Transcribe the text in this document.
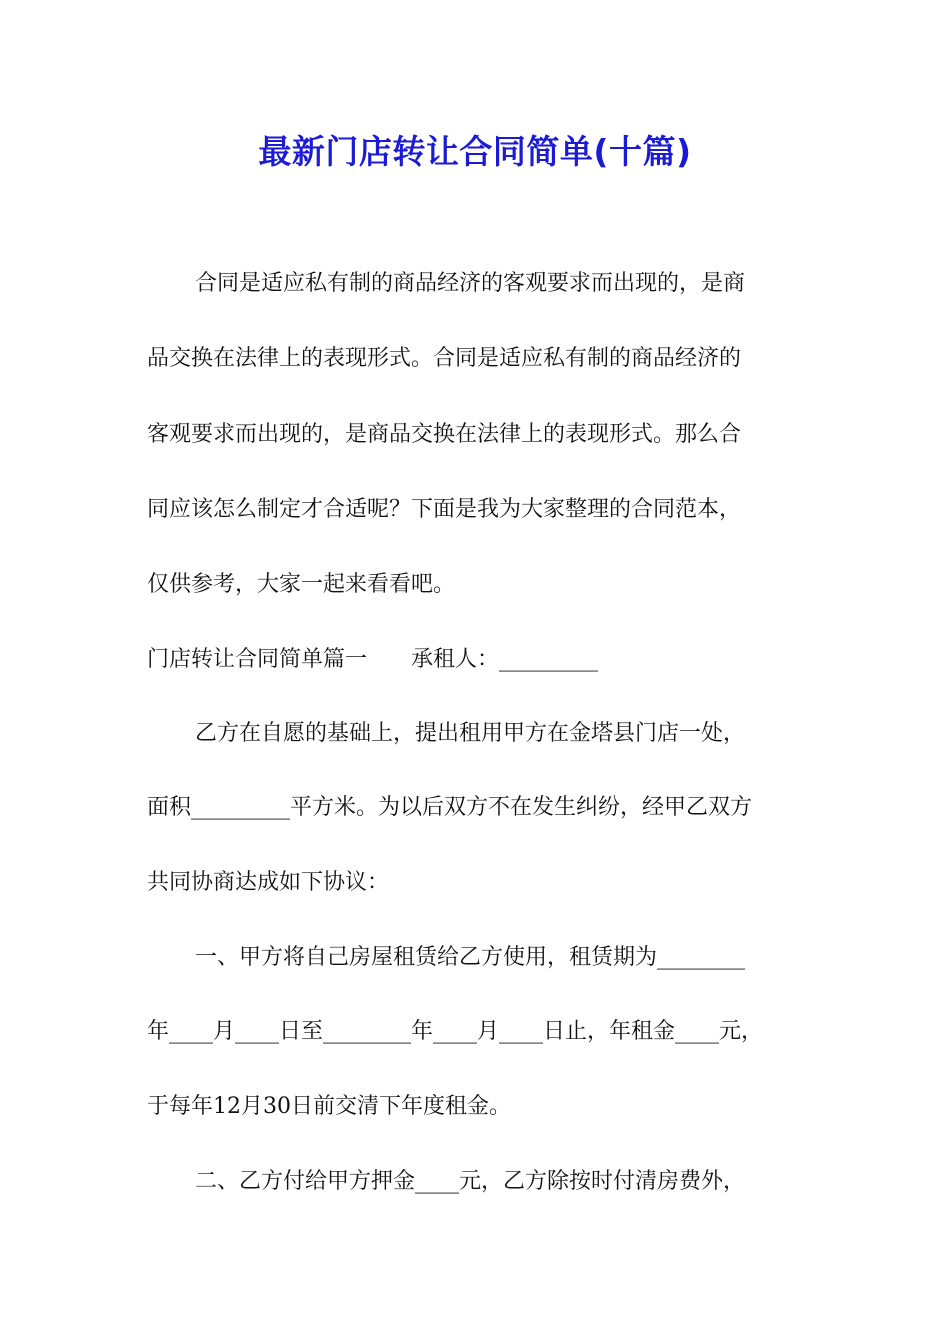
最新门店转让合同简单(十篇)
合同是适应私有制的商品经济的客观要求而出现的，是商
品交换在法律上的表现形式。合同是适应私有制的商品经济的
客观要求而出现的，是商品交换在法律上的表现形式。那么合
同应该怎么制定才合适呢？下面是我为大家整理的合同范本，
仅供参考，大家一起来看看吧。
门店转让合同简单篇一　　承租人：_________
乙方在自愿的基础上，提出租用甲方在金塔县门店一处，
面积_________平方米。为以后双方不在发生纠纷，经甲乙双方
共同协商达成如下协议：
一、甲方将自己房屋租赁给乙方使用，租赁期为________
年____月____日至________年____月____日止，年租金____元，
于每年12月30日前交清下年度租金。
二、乙方付给甲方押金____元，乙方除按时付清房费外，
